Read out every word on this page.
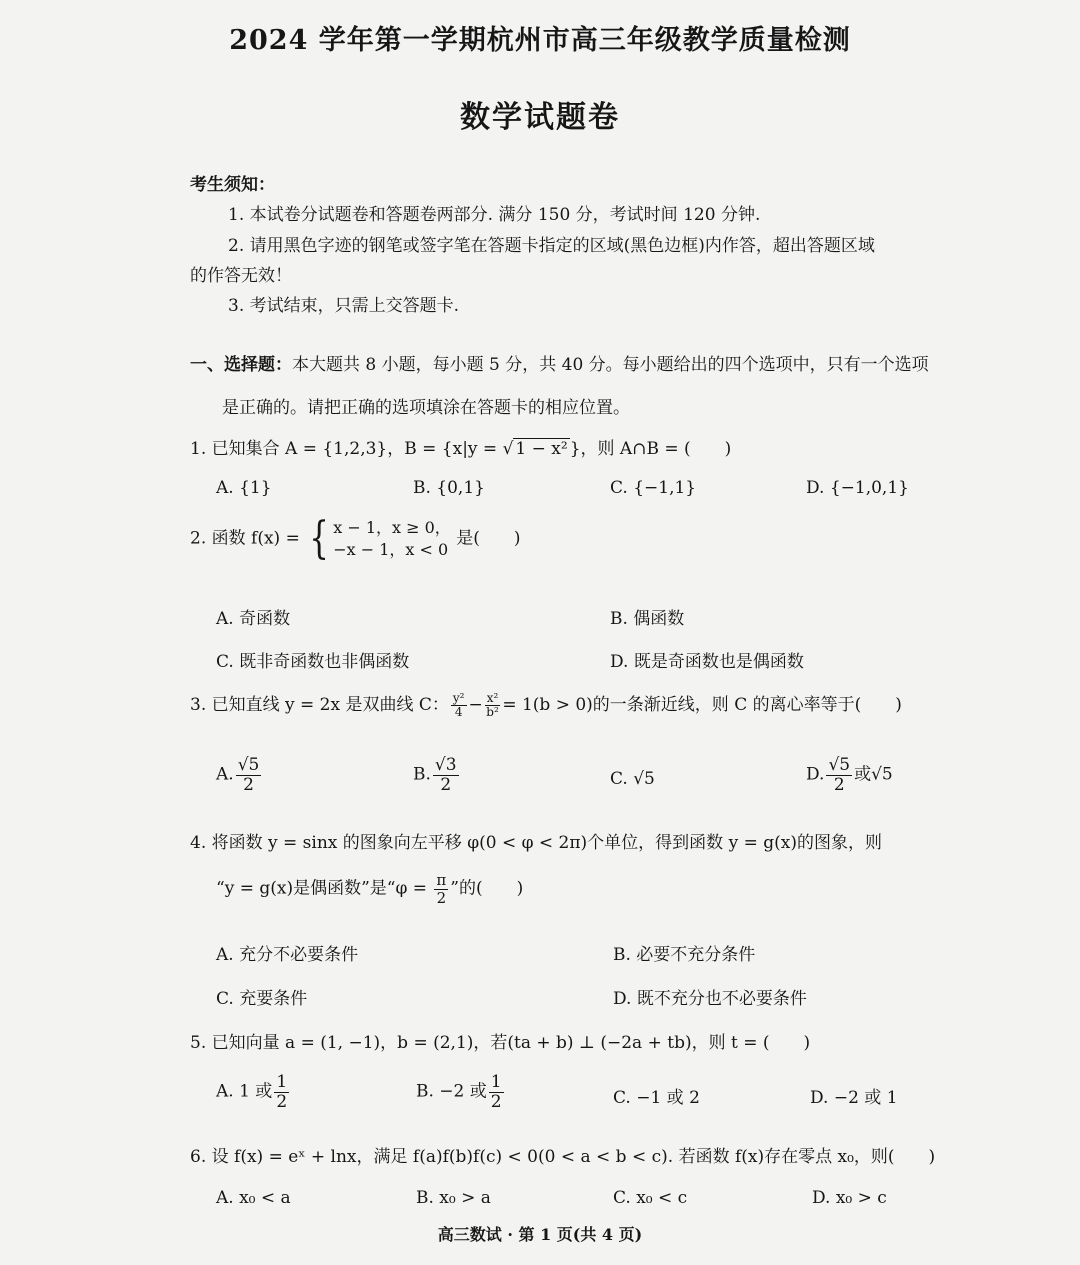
2024 学年第一学期杭州市高三年级教学质量检测
数学试题卷
考生须知：
1. 本试卷分试题卷和答题卷两部分. 满分 150 分，考试时间 120 分钟.
2. 请用黑色字迹的钢笔或签字笔在答题卡指定的区域(黑色边框)内作答，超出答题区域
的作答无效！
3. 考试结束，只需上交答题卡.
一、选择题：本大题共 8 小题，每小题 5 分，共 40 分。每小题给出的四个选项中，只有一个选项
是正确的。请把正确的选项填涂在答题卡的相应位置。
1. 已知集合 A = {1,2,3}，B = {x|y = √ 1 − x² }，则 A∩B = (　　)
A. {1}	B. {0,1}	C. {−1,1}	D. {−1,0,1}
2. 函数 f(x) = { x − 1，x ≥ 0，
−x − 1，x < 0
是(　　)
A. 奇函数	B. 偶函数
C. 既非奇函数也非偶函数	D. 既是奇函数也是偶函数
3. 已知直线 y = 2x 是双曲线 C： $\frac{\text{y²}}{4} - \frac{\text{x²}}{\text{b²}} = 1(b > 0)$的一条渐近线，则 C 的离心率等于(　　)
A. $\frac{√5}{2}$	B. $\frac{√3}{2}$	C. √5	D. $\frac{√5}{2}$ 或√5
4. 将函数 y = sinx 的图象向左平移 φ(0 < φ < 2π)个单位，得到函数 y = g(x)的图象，则
“y = g(x)是偶函数”是“$\varphi = \frac{\pi}{2}$ ”的(　　)
A. 充分不必要条件	B. 必要不充分条件
C. 充要条件	D. 既不充分也不必要条件
5. 已知向量 a = (1, −1)，b = (2,1)，若(ta + b) ⊥ (−2a + tb)，则 t = (　　)
A. 1 或 $\frac{1}{2}$	B. −2 或 $\frac{1}{2}$	C. −1 或 2	D. −2 或 1
6. 设 f(x) = eˣ + lnx，满足 f(a)f(b)f(c) < 0(0 < a < b < c). 若函数 f(x)存在零点 x₀，则(　　)
A. x₀ < a	B. x₀ > a	C. x₀ < c	D. x₀ > c
高三数试 · 第 1 页(共 4 页)
